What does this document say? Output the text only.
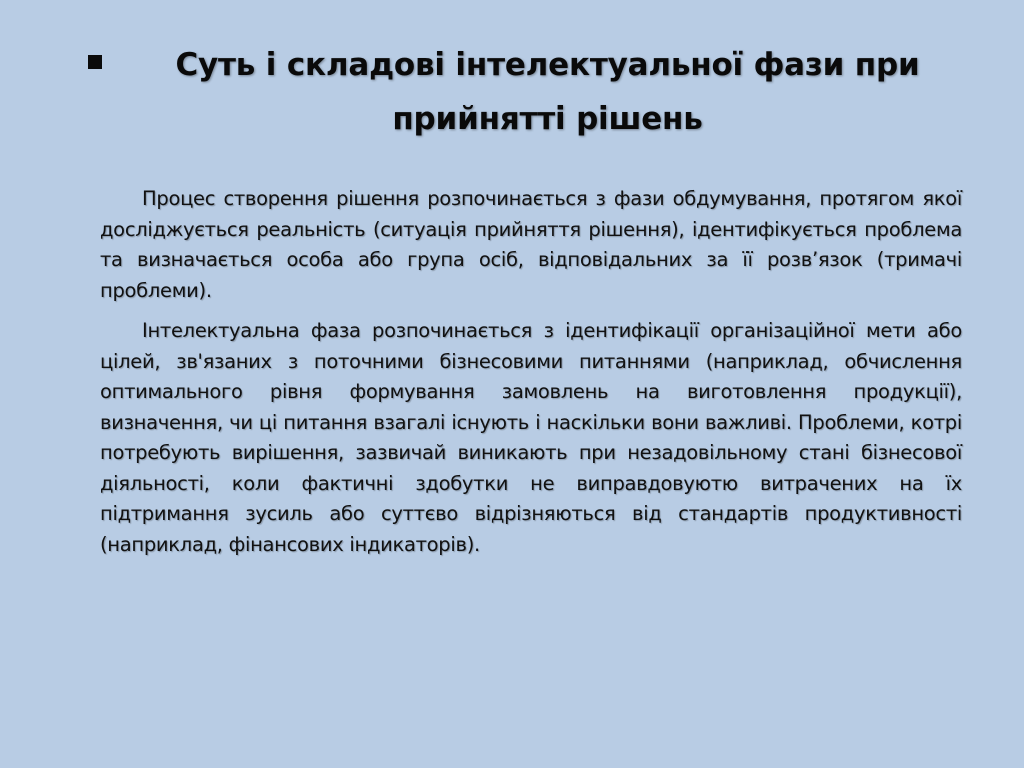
Суть і складові інтелектуальної фази при прийнятті рішень

Процес створення рішення розпочинається з фази обдумування, протягом якої досліджується реальність (ситуація прийняття рішення), ідентифікується проблема та визначається особа або група осіб, відповідальних за її розв’язок (тримачі проблеми).

Інтелектуальна фаза розпочинається з ідентифікації організаційної мети або цілей, зв'язаних з поточними бізнесовими питаннями (наприклад, обчислення оптимального рівня формування замовлень на виготовлення продукції), визначення, чи ці питання взагалі існують і наскільки вони важливі. Проблеми, котрі потребують вирішення, зазвичай виникають при незадовільному стані бізнесової діяльності, коли фактичні здобутки не виправдовуютю витрачених на їх підтримання зусиль або суттєво відрізняються від стандартів продуктивності (наприклад, фінансових індикаторів).
